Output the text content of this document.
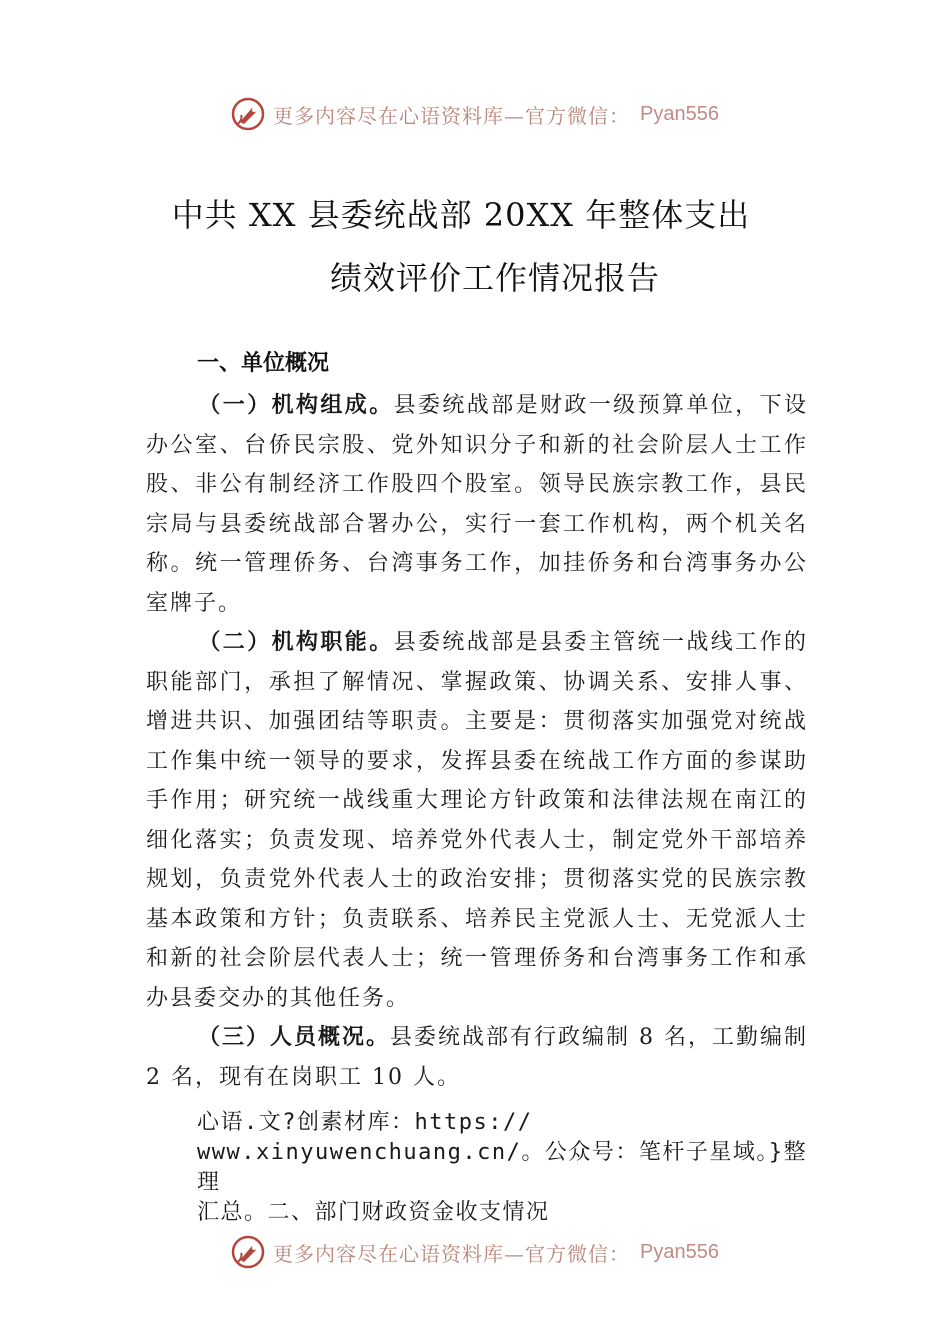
更多内容尽在心语资料库—官方微信： Pyan556
中共 XX 县委统战部 20XX 年整体支出
绩效评价工作情况报告
一、单位概况
（一）机构组成。县委统战部是财政一级预算单位，下设办公室、台侨民宗股、党外知识分子和新的社会阶层人士工作股、非公有制经济工作股四个股室。领导民族宗教工作，县民宗局与县委统战部合署办公，实行一套工作机构，两个机关名称。统一管理侨务、台湾事务工作，加挂侨务和台湾事务办公室牌子。
（二）机构职能。县委统战部是县委主管统一战线工作的职能部门，承担了解情况、掌握政策、协调关系、安排人事、增进共识、加强团结等职责。主要是：贯彻落实加强党对统战工作集中统一领导的要求，发挥县委在统战工作方面的参谋助手作用；研究统一战线重大理论方针政策和法律法规在南江的细化落实；负责发现、培养党外代表人士，制定党外干部培养规划，负责党外代表人士的政治安排；贯彻落实党的民族宗教基本政策和方针；负责联系、培养民主党派人士、无党派人士和新的社会阶层代表人士；统一管理侨务和台湾事务工作和承办县委交办的其他任务。
（三）人员概况。县委统战部有行政编制 8 名，工勤编制 2 名，现有在岗职工 10 人。
心语.文?创素材库：https://
www.xinyuwenchuang.cn/。公众号：笔杆子星域。}整理
汇总。二、部门财政资金收支情况
更多内容尽在心语资料库—官方微信： Pyan556
